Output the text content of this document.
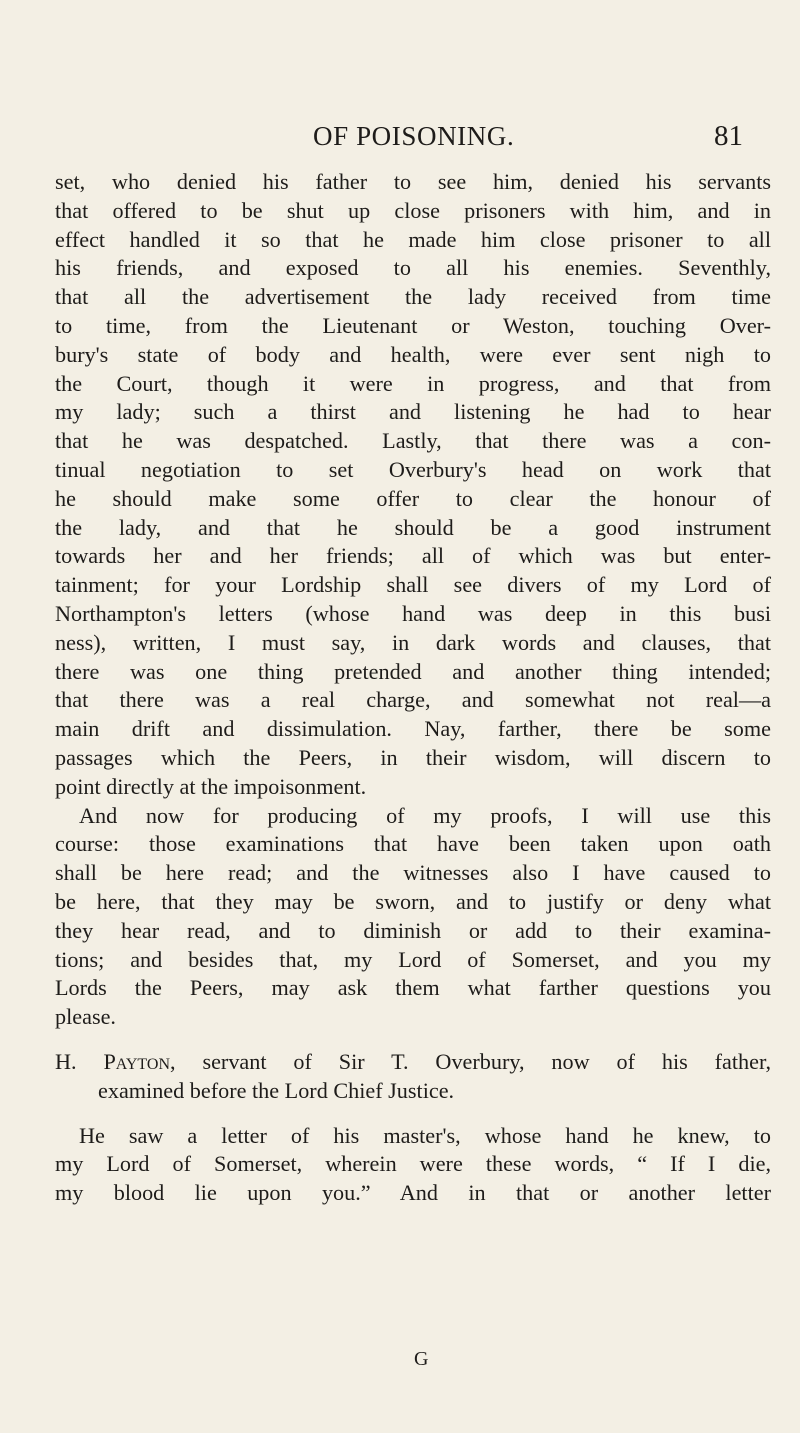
OF POISONING.	81
set, who denied his father to see him, denied his servants
that offered to be shut up close prisoners with him, and in
effect handled it so that he made him close prisoner to all
his friends, and exposed to all his enemies. Seventhly,
that all the advertisement the lady received from time
to time, from the Lieutenant or Weston, touching Over-
bury's state of body and health, were ever sent nigh to
the Court, though it were in progress, and that from
my lady; such a thirst and listening he had to hear
that he was despatched. Lastly, that there was a con-
tinual negotiation to set Overbury's head on work that
he should make some offer to clear the honour of
the lady, and that he should be a good instrument
towards her and her friends; all of which was but enter-
tainment; for your Lordship shall see divers of my Lord of
Northampton's letters (whose hand was deep in this busi
ness), written, I must say, in dark words and clauses, that
there was one thing pretended and another thing intended;
that there was a real charge, and somewhat not real—a
main drift and dissimulation. Nay, farther, there be some
passages which the Peers, in their wisdom, will discern to
point directly at the impoisonment.
And now for producing of my proofs, I will use this
course: those examinations that have been taken upon oath
shall be here read; and the witnesses also I have caused to
be here, that they may be sworn, and to justify or deny what
they hear read, and to diminish or add to their examina-
tions; and besides that, my Lord of Somerset, and you my
Lords the Peers, may ask them what farther questions you
please.
H. Payton, servant of Sir T. Overbury, now of his father,
examined before the Lord Chief Justice.
He saw a letter of his master's, whose hand he knew, to
my Lord of Somerset, wherein were these words, “ If I die,
my blood lie upon you.” And in that or another letter
G
